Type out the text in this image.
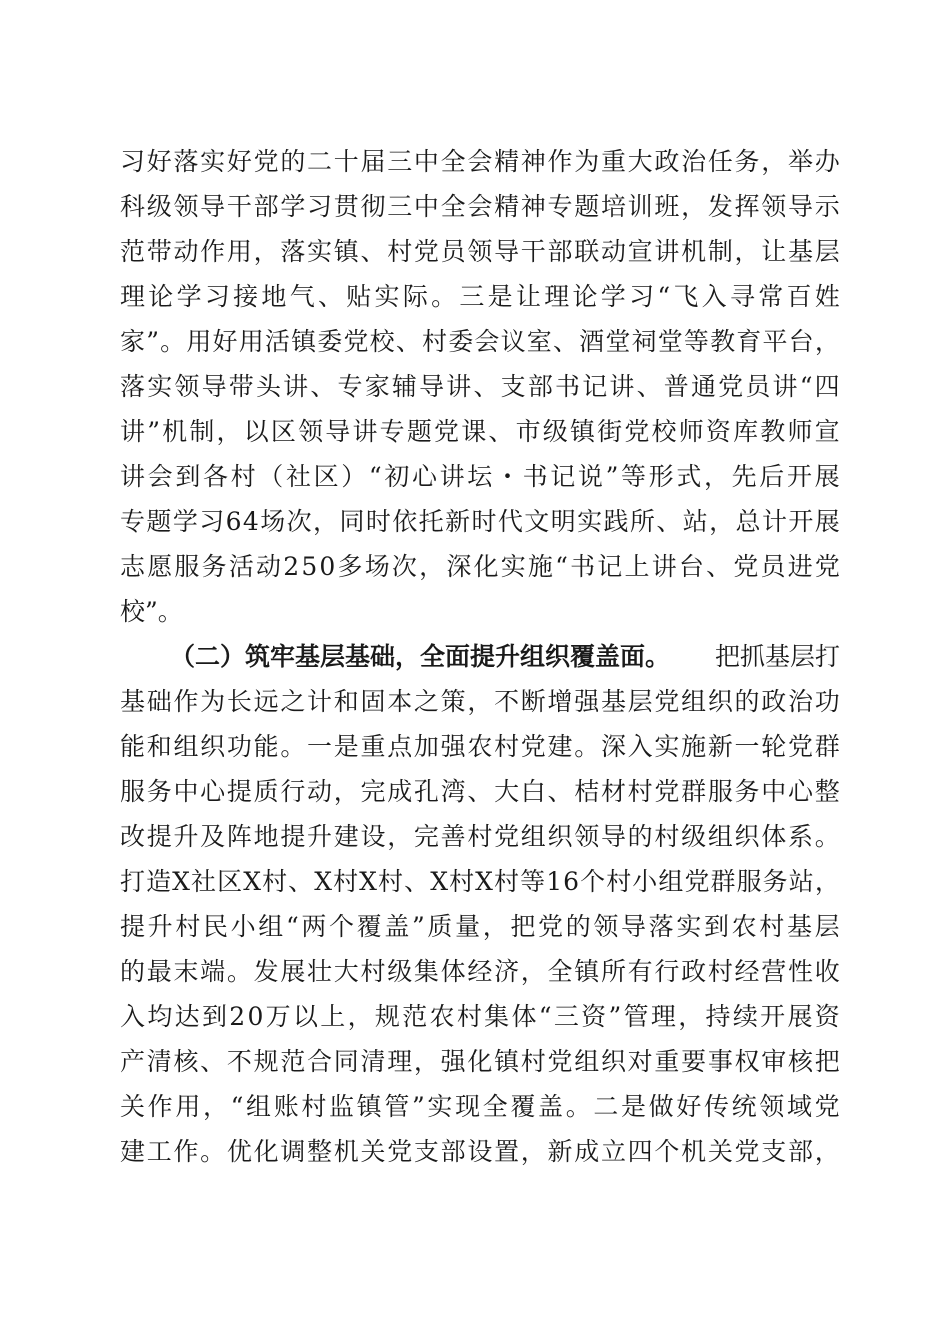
习 好 落 实 好 党 的 二 十 届 三 中 全 会 精 神 作 为 重 大 政 治 任 务 ， 举 办
科 级 领 导 干 部 学 习 贯 彻 三 中 全 会 精 神 专 题 培 训 班 ， 发 挥 领 导 示
范 带 动 作 用 ， 落 实 镇 、 村 党 员 领 导 干 部 联 动 宣 讲 机 制 ， 让 基 层
理 论 学 习 接 地 气 、 贴 实 际 。 三 是 让 理 论 学 习 “ 飞 入 寻 常 百 姓
家 ” 。 用 好 用 活 镇 委 党 校 、 村 委 会 议 室 、 酒 堂 祠 堂 等 教 育 平 台 ，
落 实 领 导 带 头 讲 、 专 家 辅 导 讲 、 支 部 书 记 讲 、 普 通 党 员 讲 “ 四
讲 ” 机 制 ， 以 区 领 导 讲 专 题 党 课 、 市 级 镇 街 党 校 师 资 库 教 师 宣
讲 会 到 各 村 （ 社 区 ） “ 初 心 讲 坛 ・ 书 记 说 ” 等 形 式 ， 先 后 开 展
专 题 学 习 6 4 场 次 ， 同 时 依 托 新 时 代 文 明 实 践 所 、 站 ， 总 计 开 展
志 愿 服 务 活 动 2 5 0 多 场 次 ， 深 化 实 施 “ 书 记 上 讲 台 、 党 员 进 党
校”。
（二）筑牢基层基础，全面提升组织覆盖面。 把抓基层打
基 础 作 为 长 远 之 计 和 固 本 之 策 ， 不 断 增 强 基 层 党 组 织 的 政 治 功
能 和 组 织 功 能 。 一 是 重 点 加 强 农 村 党 建 。 深 入 实 施 新 一 轮 党 群
服 务 中 心 提 质 行 动 ， 完 成 孔 湾 、 大 白 、 桔 材 村 党 群 服 务 中 心 整
改 提 升 及 阵 地 提 升 建 设 ， 完 善 村 党 组 织 领 导 的 村 级 组 织 体 系 。
打 造 X 社 区 X 村 、 X 村 X 村 、 X 村 X 村 等 1 6 个 村 小 组 党 群 服 务 站 ，
提 升 村 民 小 组 “ 两 个 覆 盖 ” 质 量 ， 把 党 的 领 导 落 实 到 农 村 基 层
的 最 末 端 。 发 展 壮 大 村 级 集 体 经 济 ， 全 镇 所 有 行 政 村 经 营 性 收
入 均 达 到 2 0 万 以 上 ， 规 范 农 村 集 体 “ 三 资 ” 管 理 ， 持 续 开 展 资
产 清 核 、 不 规 范 合 同 清 理 ， 强 化 镇 村 党 组 织 对 重 要 事 权 审 核 把
关 作 用 ， “ 组 账 村 监 镇 管 ” 实 现 全 覆 盖 。 二 是 做 好 传 统 领 域 党
建 工 作 。 优 化 调 整 机 关 党 支 部 设 置 ， 新 成 立 四 个 机 关 党 支 部 ，
